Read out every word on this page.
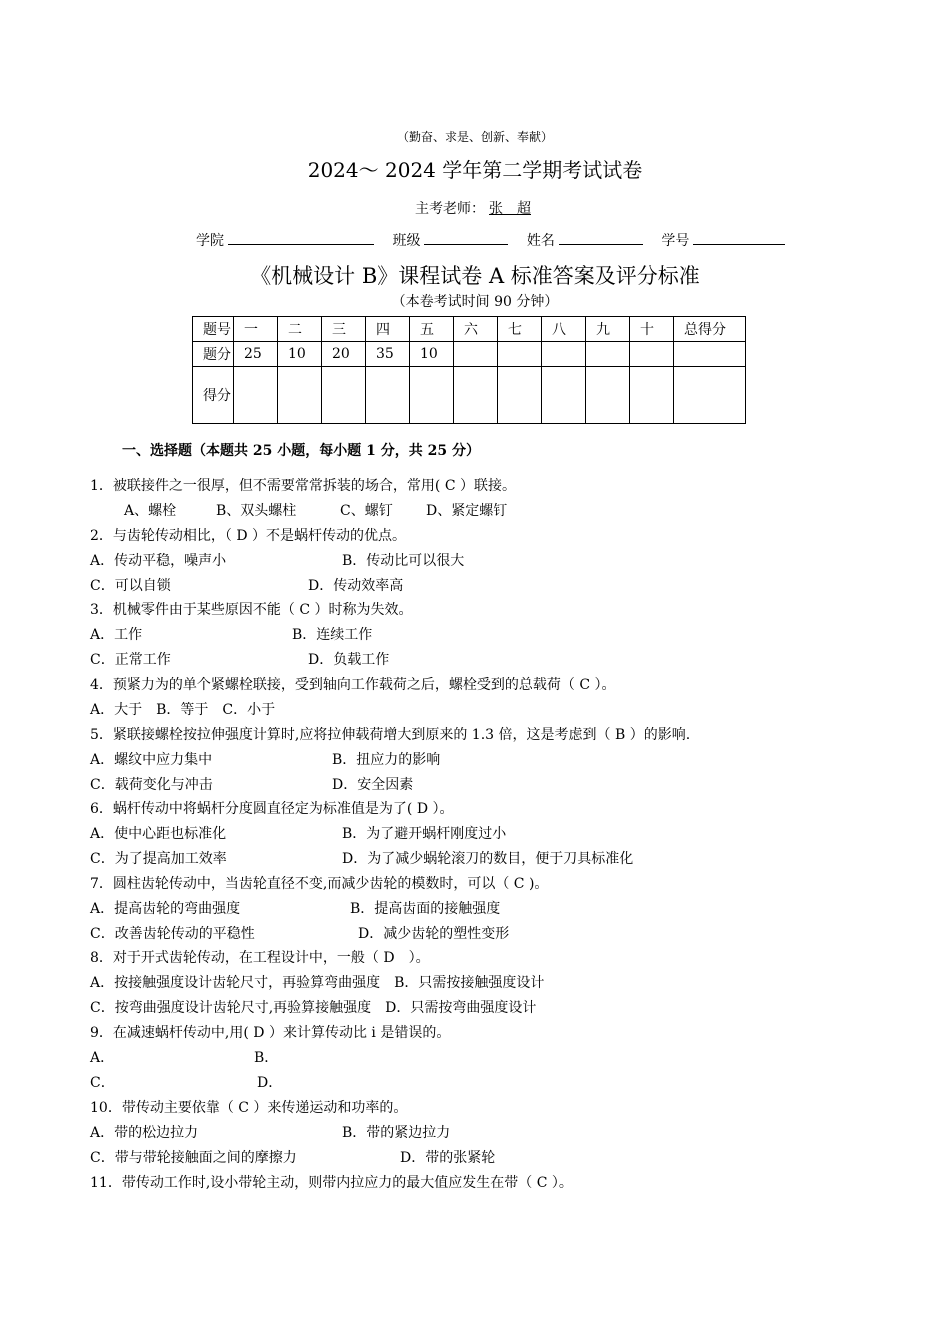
（勤奋、求是、创新、奉献）
2024～ 2024 学年第二学期考试试卷
主考老师： 张　超
学院	班级	姓名	学号
《机械设计 B》课程试卷 A 标准答案及评分标准
（本卷考试时间 90 分钟）
题号	一	二	三	四	五	六	七	八	九	十	总得分
题分	25	10	20	35	10						
得分											
一、选择题（本题共 25 小题，每小题 1 分，共 25 分）
1．被联接件之一很厚，但不需要常常拆装的场合，常用( C ）联接。
A、螺栓	B、双头螺柱	C、螺钉 D、紧定螺钉
2．与齿轮传动相比，（ D ）不是蜗杆传动的优点。
A．传动平稳，噪声小	B．传动比可以很大
C．可以自锁	D．传动效率高
3．机械零件由于某些原因不能（ C ）时称为失效。
A．工作	B．连续工作
C．正常工作	D．负载工作
4．预紧力为的单个紧螺栓联接，受到轴向工作载荷之后，螺栓受到的总载荷（ C ）。
A．大于　B．等于　C．小于
5．紧联接螺栓按拉伸强度计算时,应将拉伸载荷增大到原来的 1.3 倍，这是考虑到（ B ）的影响.
A．螺纹中应力集中	B．扭应力的影响
C．载荷变化与冲击	D．安全因素
6．蜗杆传动中将蜗杆分度圆直径定为标准值是为了( D ）。
A．使中心距也标准化	B．为了避开蜗杆刚度过小
C．为了提高加工效率	D．为了减少蜗轮滚刀的数目，便于刀具标准化
7．圆柱齿轮传动中，当齿轮直径不变,而减少齿轮的模数时，可以（ C )。
A．提高齿轮的弯曲强度	B．提高齿面的接触强度
C．改善齿轮传动的平稳性	D．减少齿轮的塑性变形
8．对于开式齿轮传动，在工程设计中，一般（ D　）。
A．按接触强度设计齿轮尺寸，再验算弯曲强度　B．只需按接触强度设计
C．按弯曲强度设计齿轮尺寸,再验算接触强度　D．只需按弯曲强度设计
9．在减速蜗杆传动中,用( D ）来计算传动比 i 是错误的。
A．	B．
C．	D．
10．带传动主要依靠（ C ）来传递运动和功率的。
A．带的松边拉力	B．带的紧边拉力
C．带与带轮接触面之间的摩擦力	D．带的张紧轮
11．带传动工作时,设小带轮主动，则带内拉应力的最大值应发生在带（ C ）。
